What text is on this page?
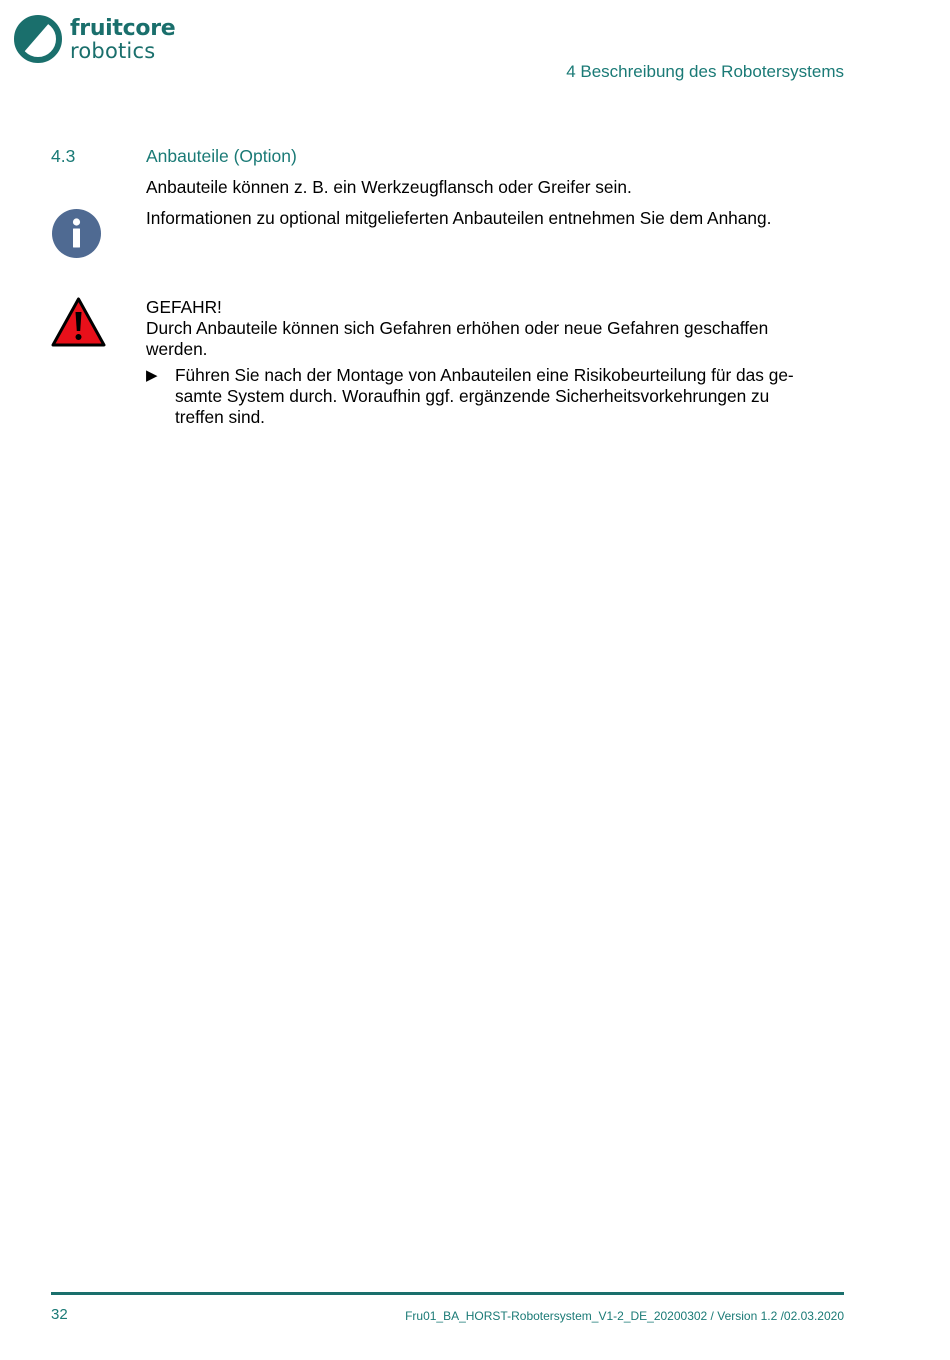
fruitcore
robotics
4 Beschreibung des Robotersystems
4.3	Anbauteile (Option)
Anbauteile können z. B. ein Werkzeugflansch oder Greifer sein.
Informationen zu optional mitgelieferten Anbauteilen entnehmen Sie dem Anhang.
GEFAHR!
Durch Anbauteile können sich Gefahren erhöhen oder neue Gefahren geschaffen
werden.
▶ Führen Sie nach der Montage von Anbauteilen eine Risikobeurteilung für das ge-
samte System durch. Woraufhin ggf. ergänzende Sicherheitsvorkehrungen zu
treffen sind.
32	Fru01_BA_HORST-Robotersystem_V1-2_DE_20200302 / Version 1.2 /02.03.2020
